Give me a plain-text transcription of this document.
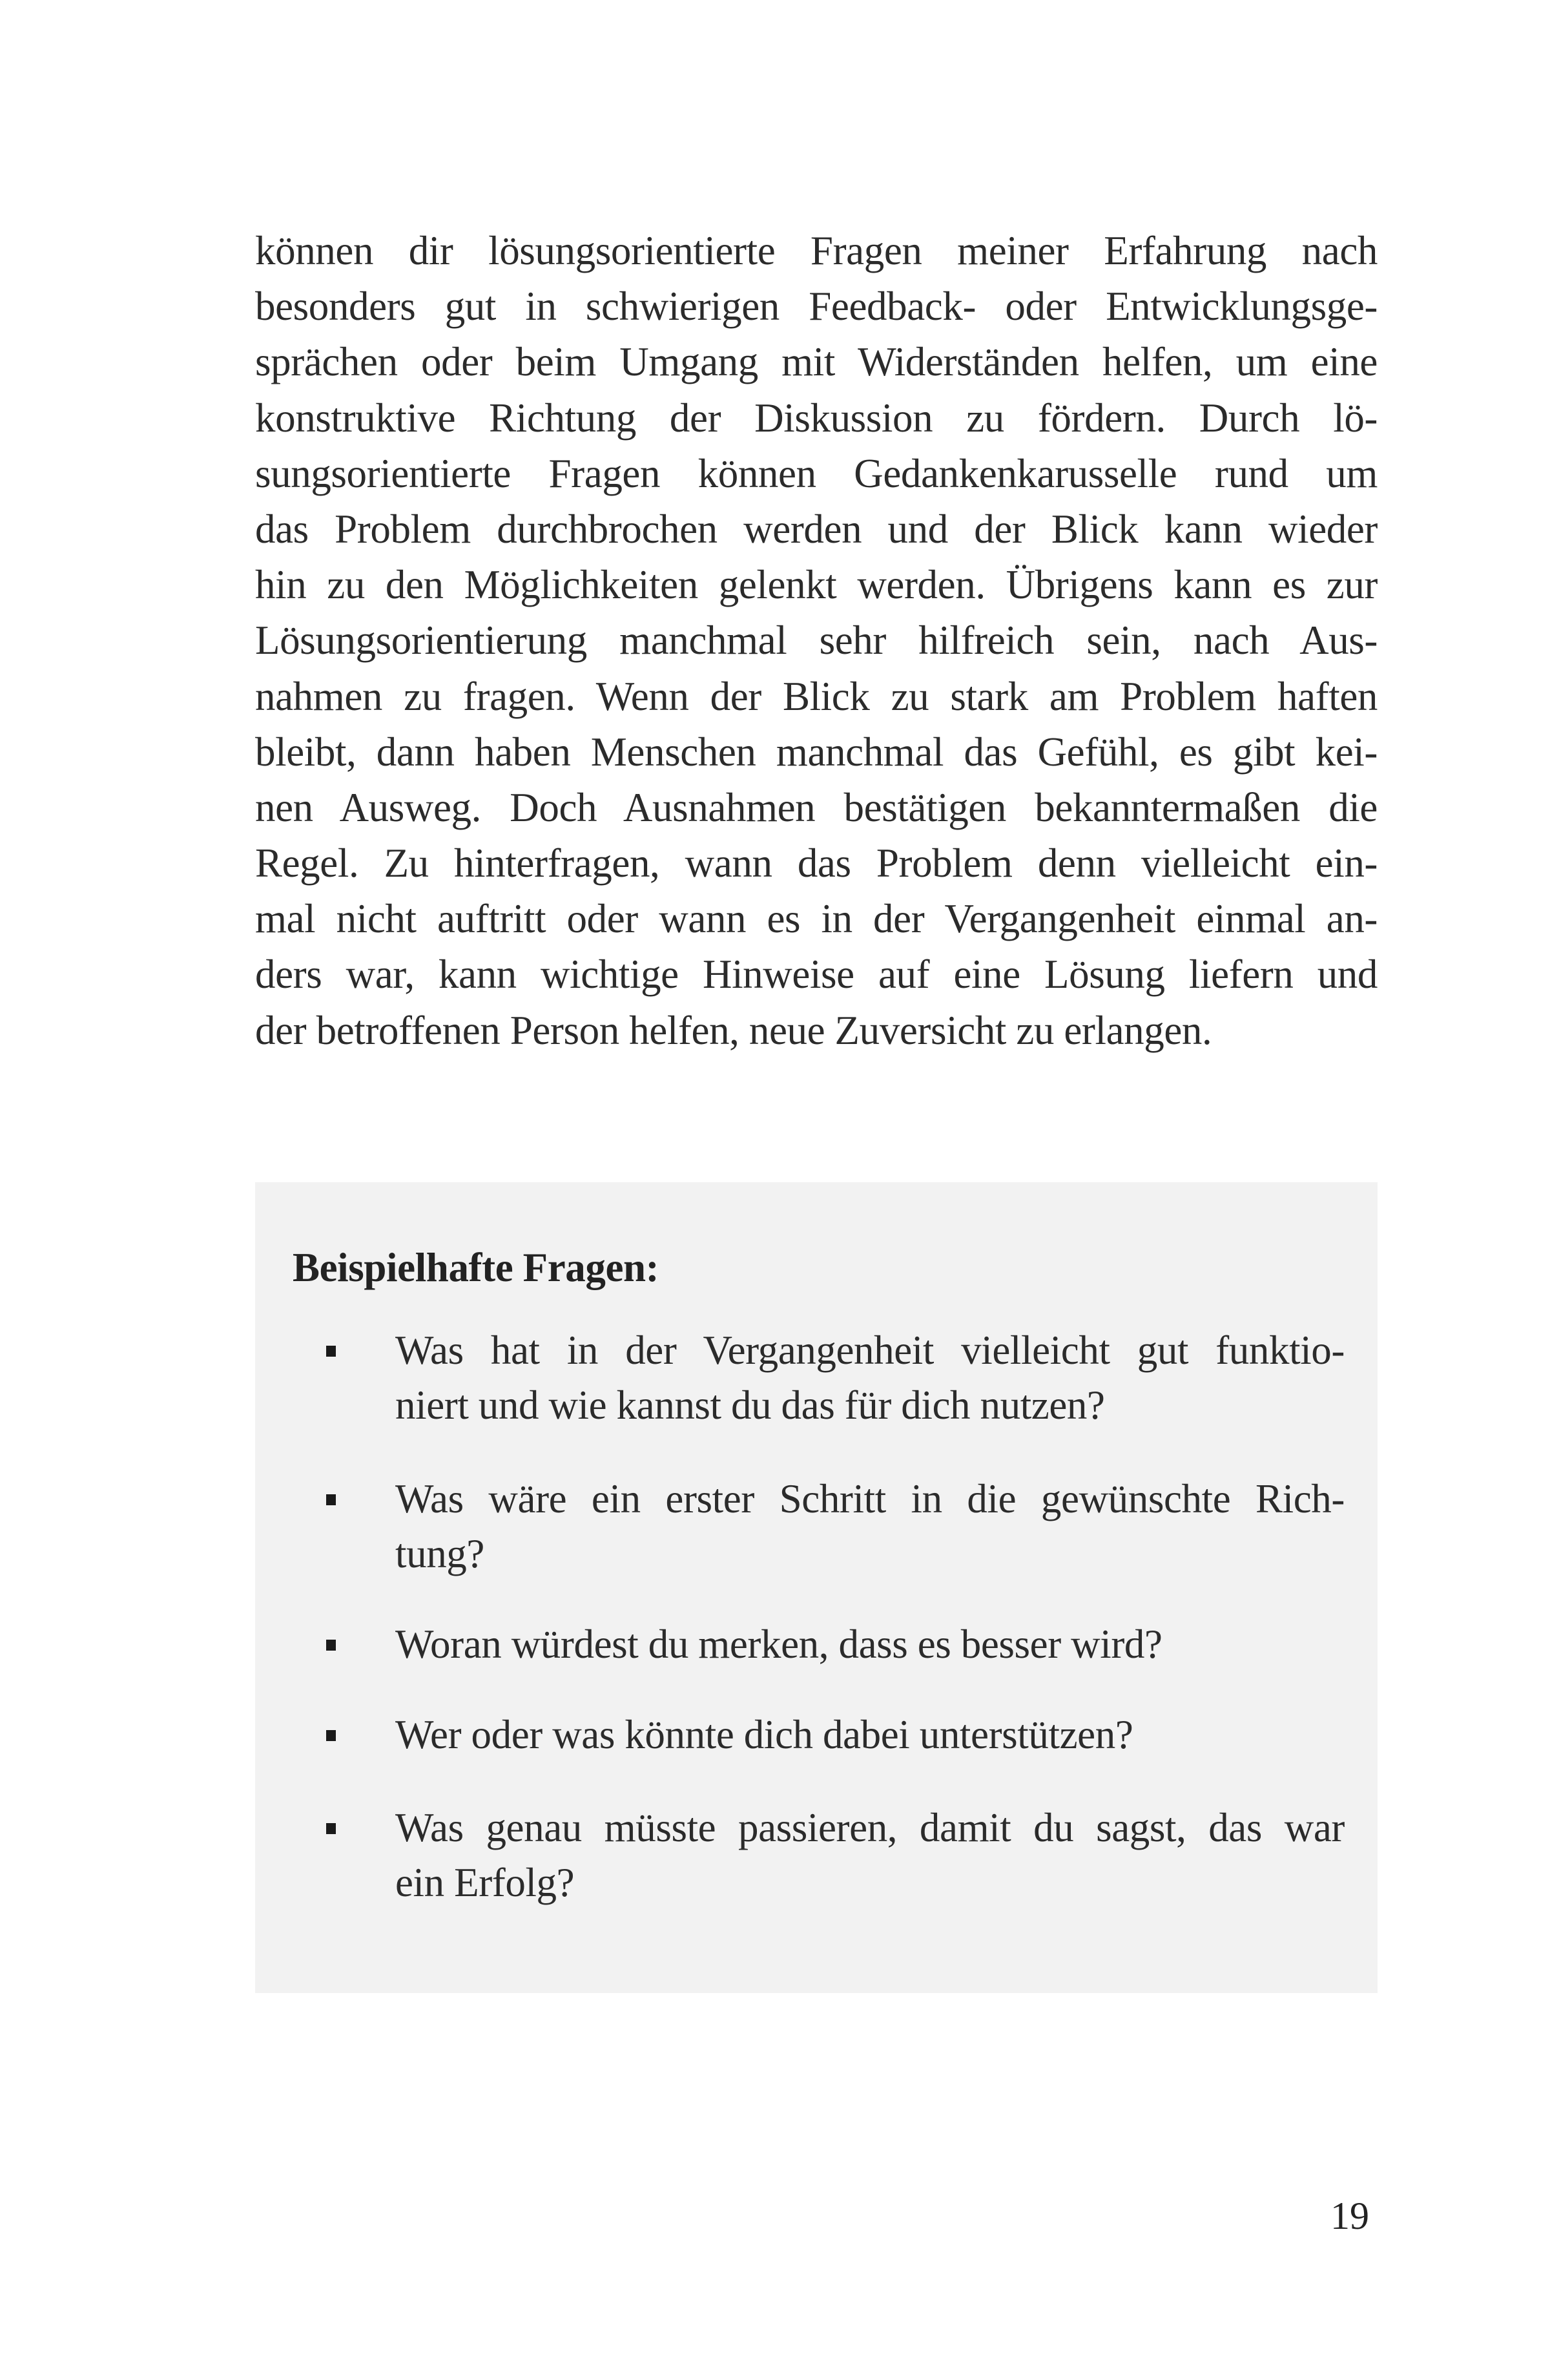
können dir lösungsorientierte Fragen meiner Erfahrung nach
besonders gut in schwierigen Feedback- oder Entwicklungsge-
sprächen oder beim Umgang mit Widerständen helfen, um eine
konstruktive Richtung der Diskussion zu fördern. Durch lö-
sungsorientierte Fragen können Gedankenkarusselle rund um
das Problem durchbrochen werden und der Blick kann wieder
hin zu den Möglichkeiten gelenkt werden. Übrigens kann es zur
Lösungsorientierung manchmal sehr hilfreich sein, nach Aus-
nahmen zu fragen. Wenn der Blick zu stark am Problem haften
bleibt, dann haben Menschen manchmal das Gefühl, es gibt kei-
nen Ausweg. Doch Ausnahmen bestätigen bekanntermaßen die
Regel. Zu hinterfragen, wann das Problem denn vielleicht ein-
mal nicht auftritt oder wann es in der Vergangenheit einmal an-
ders war, kann wichtige Hinweise auf eine Lösung liefern und
der betroffenen Person helfen, neue Zuversicht zu erlangen.
Beispielhafte Fragen:
Was hat in der Vergangenheit vielleicht gut funktio-
niert und wie kannst du das für dich nutzen?
Was wäre ein erster Schritt in die gewünschte Rich-
tung?
Woran würdest du merken, dass es besser wird?
Wer oder was könnte dich dabei unterstützen?
Was genau müsste passieren, damit du sagst, das war
ein Erfolg?
19
